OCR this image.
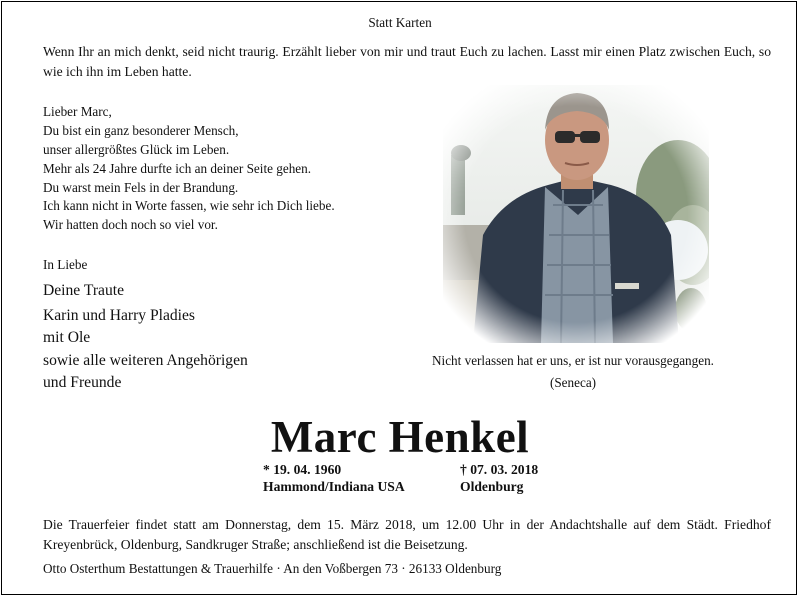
Statt Karten

Wenn Ihr an mich denkt, seid nicht traurig. Erzählt lieber von mir und traut Euch zu lachen. Lasst mir einen Platz zwischen Euch, so wie ich ihn im Leben hatte.

Lieber Marc,
Du bist ein ganz besonderer Mensch,
unser allergrößtes Glück im Leben.
Mehr als 24 Jahre durfte ich an deiner Seite gehen.
Du warst mein Fels in der Brandung.
Ich kann nicht in Worte fassen, wie sehr ich Dich liebe.
Wir hatten doch noch so viel vor.

In Liebe

Deine Traute

Karin und Harry Pladies
mit Ole
sowie alle weiteren Angehörigen
und Freunde

Nicht verlassen hat er uns, er ist nur vorausgegangen.

(Seneca)

Marc Henkel

* 19. 04. 1960
Hammond/Indiana USA
† 07. 03. 2018
Oldenburg

Die Trauerfeier findet statt am Donnerstag, dem 15. März 2018, um 12.00 Uhr in der Andachtshalle auf dem Städt. Friedhof Kreyenbrück, Oldenburg, Sandkruger Straße; anschließend ist die Beisetzung.

Otto Osterthum Bestattungen & Trauerhilfe · An den Voßbergen 73 · 26133 Oldenburg
